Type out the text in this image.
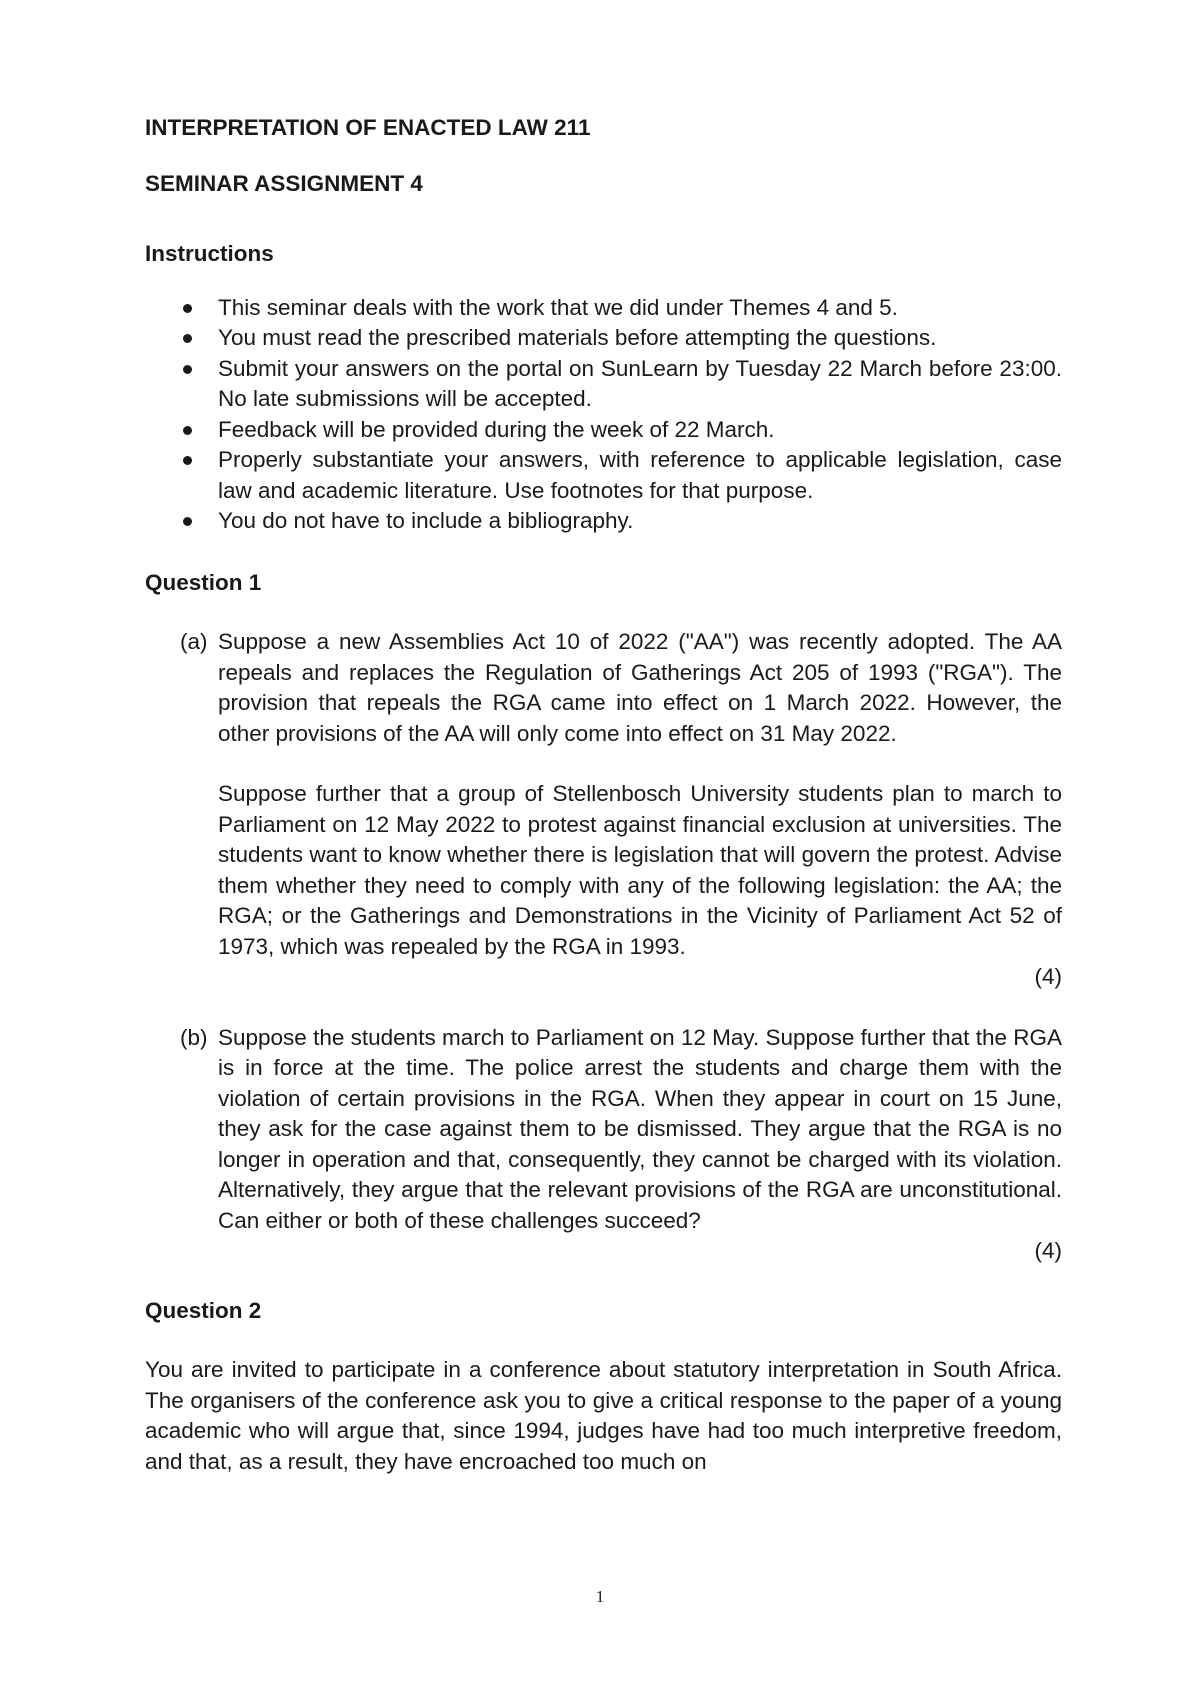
INTERPRETATION OF ENACTED LAW 211

SEMINAR ASSIGNMENT 4

Instructions

This seminar deals with the work that we did under Themes 4 and 5.
You must read the prescribed materials before attempting the questions.
Submit your answers on the portal on SunLearn by Tuesday 22 March before 23:00. No late submissions will be accepted.
Feedback will be provided during the week of 22 March.
Properly substantiate your answers, with reference to applicable legislation, case law and academic literature. Use footnotes for that purpose.
You do not have to include a bibliography.

Question 1

(a) Suppose a new Assemblies Act 10 of 2022 ("AA") was recently adopted. The AA repeals and replaces the Regulation of Gatherings Act 205 of 1993 ("RGA"). The provision that repeals the RGA came into effect on 1 March 2022. However, the other provisions of the AA will only come into effect on 31 May 2022.

Suppose further that a group of Stellenbosch University students plan to march to Parliament on 12 May 2022 to protest against financial exclusion at universities. The students want to know whether there is legislation that will govern the protest. Advise them whether they need to comply with any of the following legislation: the AA; the RGA; or the Gatherings and Demonstrations in the Vicinity of Parliament Act 52 of 1973, which was repealed by the RGA in 1993.

(4)
(b) Suppose the students march to Parliament on 12 May. Suppose further that the RGA is in force at the time. The police arrest the students and charge them with the violation of certain provisions in the RGA. When they appear in court on 15 June, they ask for the case against them to be dismissed. They argue that the RGA is no longer in operation and that, consequently, they cannot be charged with its violation. Alternatively, they argue that the relevant provisions of the RGA are unconstitutional. Can either or both of these challenges succeed?

(4)

Question 2

You are invited to participate in a conference about statutory interpretation in South Africa. The organisers of the conference ask you to give a critical response to the paper of a young academic who will argue that, since 1994, judges have had too much interpretive freedom, and that, as a result, they have encroached too much on

1
